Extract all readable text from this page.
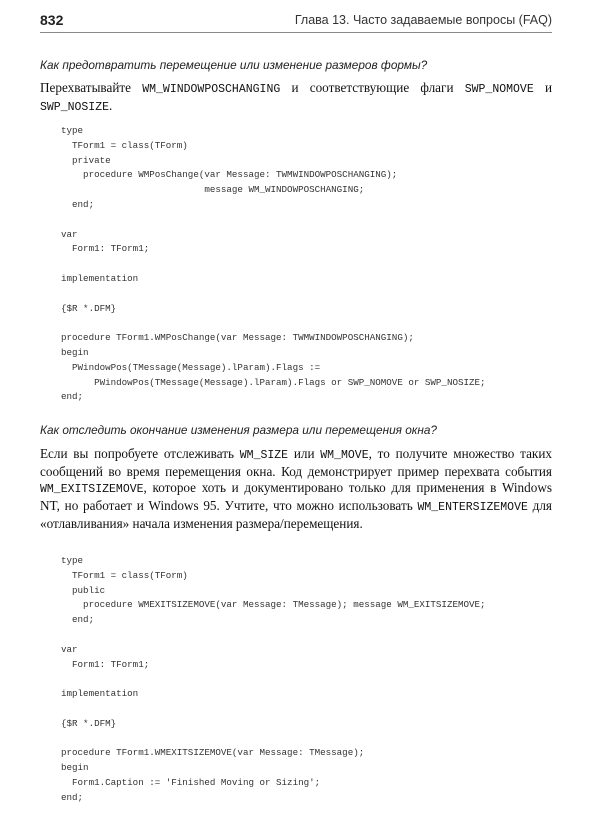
832	Глава 13. Часто задаваемые вопросы (FAQ)
Как предотвратить перемещение или изменение размеров формы?
Перехватывайте WM_WINDOWPOSCHANGING и соответствующие флаги SWP_NOMOVE и SWP_NOSIZE.
type
TForm1 = class(TForm)
private
procedure WMPosChange(var Message: TWMWINDOWPOSCHANGING);
message WM_WINDOWPOSCHANGING;
end;

var
Form1: TForm1;

implementation

{$R *.DFM}

procedure TForm1.WMPosChange(var Message: TWMWINDOWPOSCHANGING);
begin
PWindowPos(TMessage(Message).lParam).Flags :=
PWindowPos(TMessage(Message).lParam).Flags or SWP_NOMOVE or SWP_NOSIZE;
end;
Как отследить окончание изменения размера или перемещения окна?
Если вы попробуете отслеживать WM_SIZE или WM_MOVE, то получите множество таких сообщений во время перемещения окна. Код демонстрирует пример перехвата события WM_EXITSIZEMOVE, которое хоть и документировано только для применения в Windows NT, но работает и Windows 95. Учтите, что можно использовать WM_ENTERSIZEMOVE для «отлавливания» начала изменения размера/перемещения.
type
TForm1 = class(TForm)
public
procedure WMEXITSIZEMOVE(var Message: TMessage); message WM_EXITSIZEMOVE;
end;

var
Form1: TForm1;

implementation

{$R *.DFM}

procedure TForm1.WMEXITSIZEMOVE(var Message: TMessage);
begin
Form1.Caption := 'Finished Moving or Sizing';
end;
